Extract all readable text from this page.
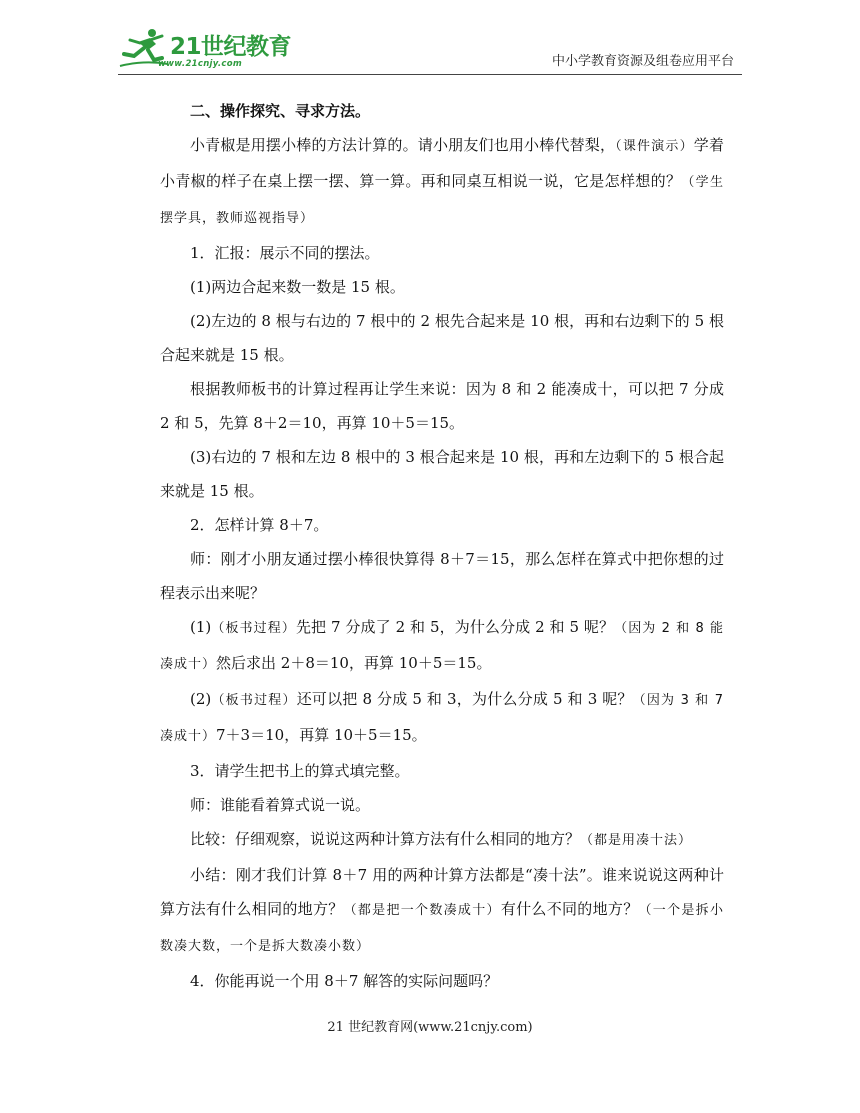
21世纪教育
www.21cnjy.com	中小学教育资源及组卷应用平台

二、操作探究、寻求方法。

小青椒是用摆小棒的方法计算的。请小朋友们也用小棒代替梨，（课件演示）学着小青椒的样子在桌上摆一摆、算一算。再和同桌互相说一说，它是怎样想的？（学生摆学具，教师巡视指导）

1．汇报：展示不同的摆法。

(1)两边合起来数一数是 15 根。

(2)左边的 8 根与右边的 7 根中的 2 根先合起来是 10 根，再和右边剩下的 5 根合起来就是 15 根。

根据教师板书的计算过程再让学生来说：因为 8 和 2 能凑成十，可以把 7 分成 2 和 5，先算 8＋2＝10，再算 10＋5＝15。

(3)右边的 7 根和左边 8 根中的 3 根合起来是 10 根，再和左边剩下的 5 根合起来就是 15 根。

2．怎样计算 8＋7。

师：刚才小朋友通过摆小棒很快算得 8＋7＝15，那么怎样在算式中把你想的过程表示出来呢？

(1)（板书过程）先把 7 分成了 2 和 5，为什么分成 2 和 5 呢？（因为 2 和 8 能凑成十）然后求出 2＋8＝10，再算 10＋5＝15。

(2)（板书过程）还可以把 8 分成 5 和 3，为什么分成 5 和 3 呢？（因为 3 和 7 凑成十）7＋3＝10，再算 10＋5＝15。

3．请学生把书上的算式填完整。

师：谁能看着算式说一说。

比较：仔细观察，说说这两种计算方法有什么相同的地方？（都是用凑十法）

小结：刚才我们计算 8＋7 用的两种计算方法都是“凑十法”。谁来说说这两种计算方法有什么相同的地方？（都是把一个数凑成十）有什么不同的地方？（一个是拆小数凑大数，一个是拆大数凑小数）

4．你能再说一个用 8＋7 解答的实际问题吗？

21 世纪教育网(www.21cnjy.com)
